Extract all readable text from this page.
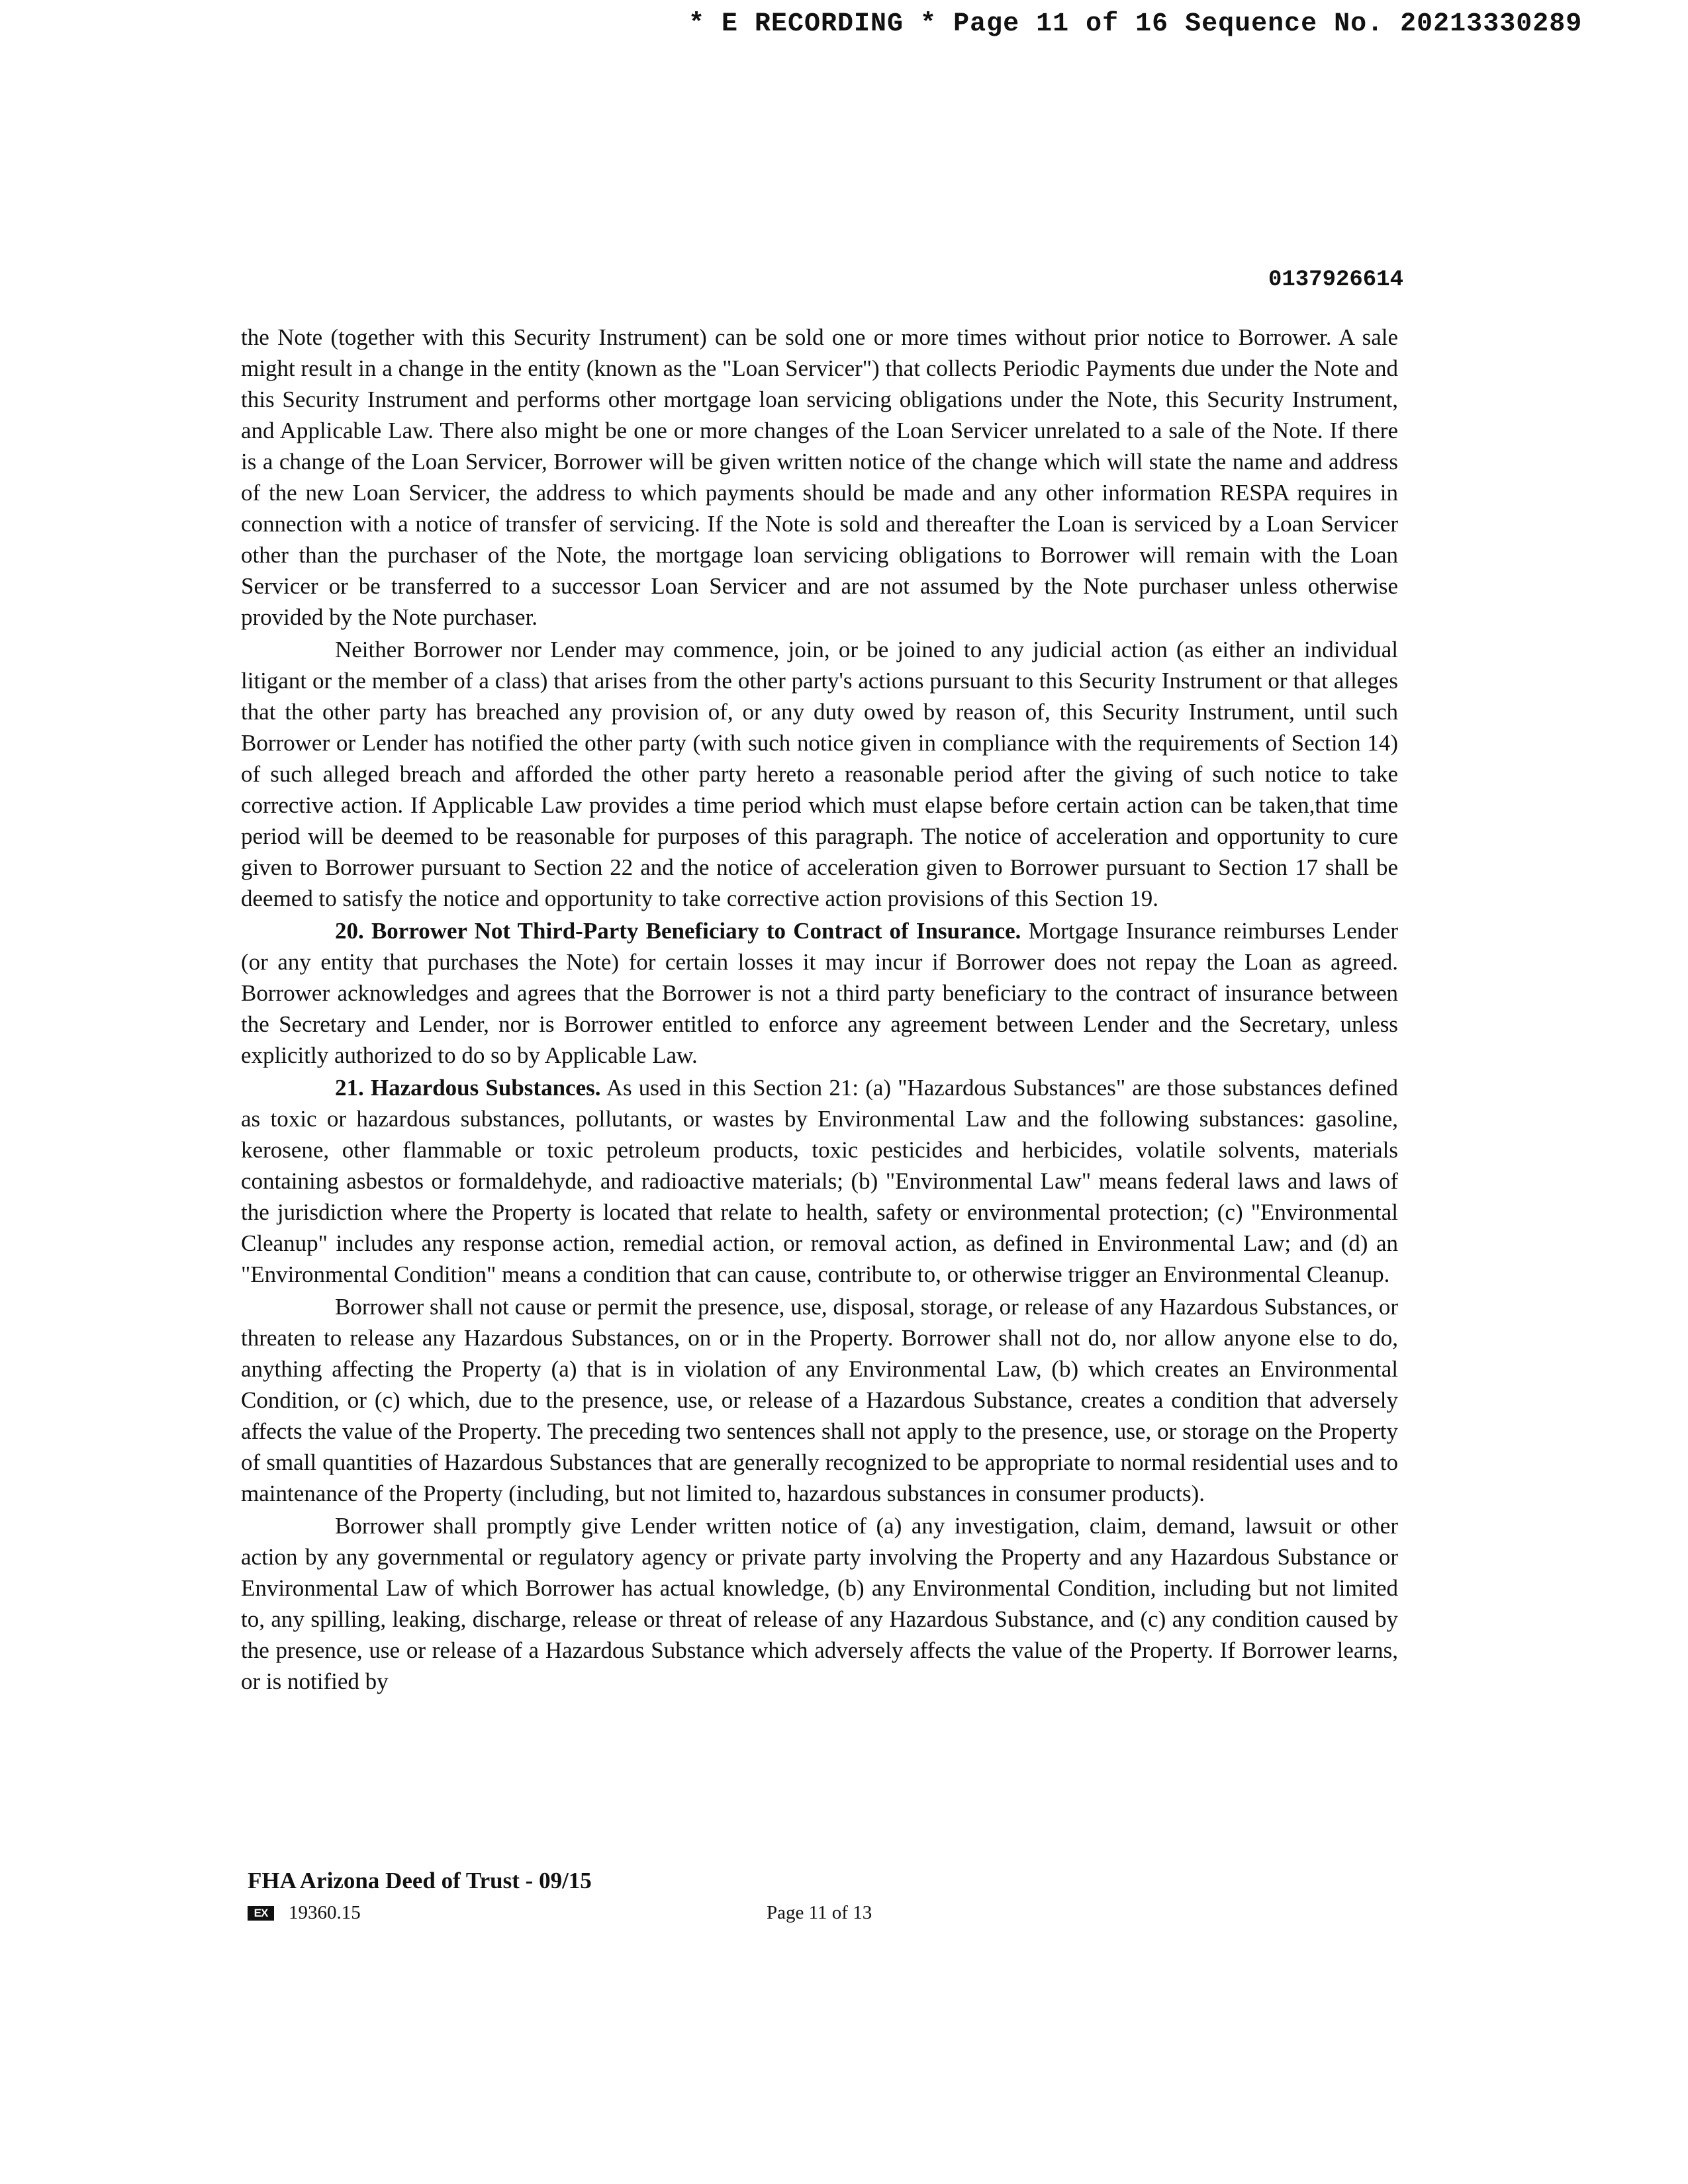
* E RECORDING * Page 11 of 16 Sequence No. 20213330289
0137926614

the Note (together with this Security Instrument) can be sold one or more times without prior notice to Borrower. A sale might result in a change in the entity (known as the "Loan Servicer") that collects Periodic Payments due under the Note and this Security Instrument and performs other mortgage loan servicing obligations under the Note, this Security Instrument, and Applicable Law. There also might be one or more changes of the Loan Servicer unrelated to a sale of the Note. If there is a change of the Loan Servicer, Borrower will be given written notice of the change which will state the name and address of the new Loan Servicer, the address to which payments should be made and any other information RESPA requires in connection with a notice of transfer of servicing. If the Note is sold and thereafter the Loan is serviced by a Loan Servicer other than the purchaser of the Note, the mortgage loan servicing obligations to Borrower will remain with the Loan Servicer or be transferred to a successor Loan Servicer and are not assumed by the Note purchaser unless otherwise provided by the Note purchaser.

Neither Borrower nor Lender may commence, join, or be joined to any judicial action (as either an individual litigant or the member of a class) that arises from the other party's actions pursuant to this Security Instrument or that alleges that the other party has breached any provision of, or any duty owed by reason of, this Security Instrument, until such Borrower or Lender has notified the other party (with such notice given in compliance with the requirements of Section 14) of such alleged breach and afforded the other party hereto a reasonable period after the giving of such notice to take corrective action. If Applicable Law provides a time period which must elapse before certain action can be taken,that time period will be deemed to be reasonable for purposes of this paragraph. The notice of acceleration and opportunity to cure given to Borrower pursuant to Section 22 and the notice of acceleration given to Borrower pursuant to Section 17 shall be deemed to satisfy the notice and opportunity to take corrective action provisions of this Section 19.

20. Borrower Not Third-Party Beneficiary to Contract of Insurance. Mortgage Insurance reimburses Lender (or any entity that purchases the Note) for certain losses it may incur if Borrower does not repay the Loan as agreed. Borrower acknowledges and agrees that the Borrower is not a third party beneficiary to the contract of insurance between the Secretary and Lender, nor is Borrower entitled to enforce any agreement between Lender and the Secretary, unless explicitly authorized to do so by Applicable Law.

21. Hazardous Substances. As used in this Section 21: (a) "Hazardous Substances" are those substances defined as toxic or hazardous substances, pollutants, or wastes by Environmental Law and the following substances: gasoline, kerosene, other flammable or toxic petroleum products, toxic pesticides and herbicides, volatile solvents, materials containing asbestos or formaldehyde, and radioactive materials; (b) "Environmental Law" means federal laws and laws of the jurisdiction where the Property is located that relate to health, safety or environmental protection; (c) "Environmental Cleanup" includes any response action, remedial action, or removal action, as defined in Environmental Law; and (d) an "Environmental Condition" means a condition that can cause, contribute to, or otherwise trigger an Environmental Cleanup.

Borrower shall not cause or permit the presence, use, disposal, storage, or release of any Hazardous Substances, or threaten to release any Hazardous Substances, on or in the Property. Borrower shall not do, nor allow anyone else to do, anything affecting the Property (a) that is in violation of any Environmental Law, (b) which creates an Environmental Condition, or (c) which, due to the presence, use, or release of a Hazardous Substance, creates a condition that adversely affects the value of the Property. The preceding two sentences shall not apply to the presence, use, or storage on the Property of small quantities of Hazardous Substances that are generally recognized to be appropriate to normal residential uses and to maintenance of the Property (including, but not limited to, hazardous substances in consumer products).

Borrower shall promptly give Lender written notice of (a) any investigation, claim, demand, lawsuit or other action by any governmental or regulatory agency or private party involving the Property and any Hazardous Substance or Environmental Law of which Borrower has actual knowledge, (b) any Environmental Condition, including but not limited to, any spilling, leaking, discharge, release or threat of release of any Hazardous Substance, and (c) any condition caused by the presence, use or release of a Hazardous Substance which adversely affects the value of the Property. If Borrower learns, or is notified by

FHA Arizona Deed of Trust - 09/15
EX	19360.15	Page 11 of 13
